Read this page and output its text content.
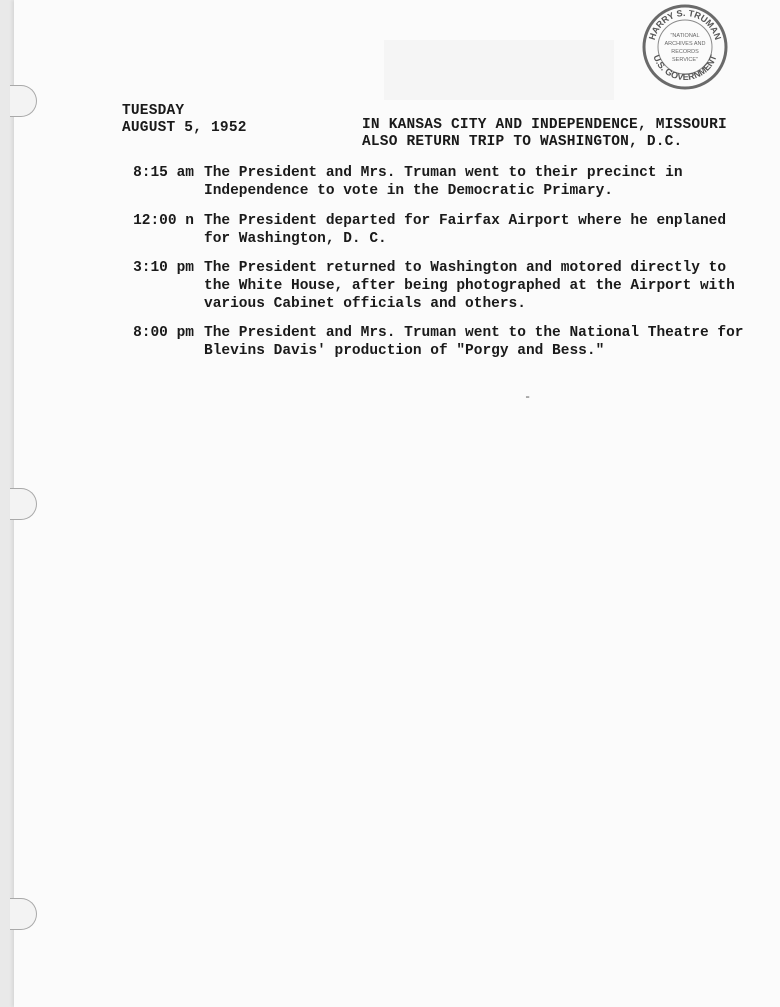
HARRY S. TRUMAN
U.S. GOVERNMENT
"NATIONAL
ARCHIVES AND
RECORDS
SERVICE"
TUESDAY
AUGUST 5, 1952	IN KANSAS CITY AND INDEPENDENCE, MISSOURI
ALSO RETURN TRIP TO WASHINGTON, D.C.
8:15 am The President and Mrs. Truman went to their precinct in
Independence to vote in the Democratic Primary.
12:00 n The President departed for Fairfax Airport where he enplaned
for Washington, D. C.
3:10 pm The President returned to Washington and motored directly to
the White House, after being photographed at the Airport with
various Cabinet officials and others.
8:00 pm The President and Mrs. Truman went to the National Theatre for
Blevins Davis' production of "Porgy and Bess."
-
